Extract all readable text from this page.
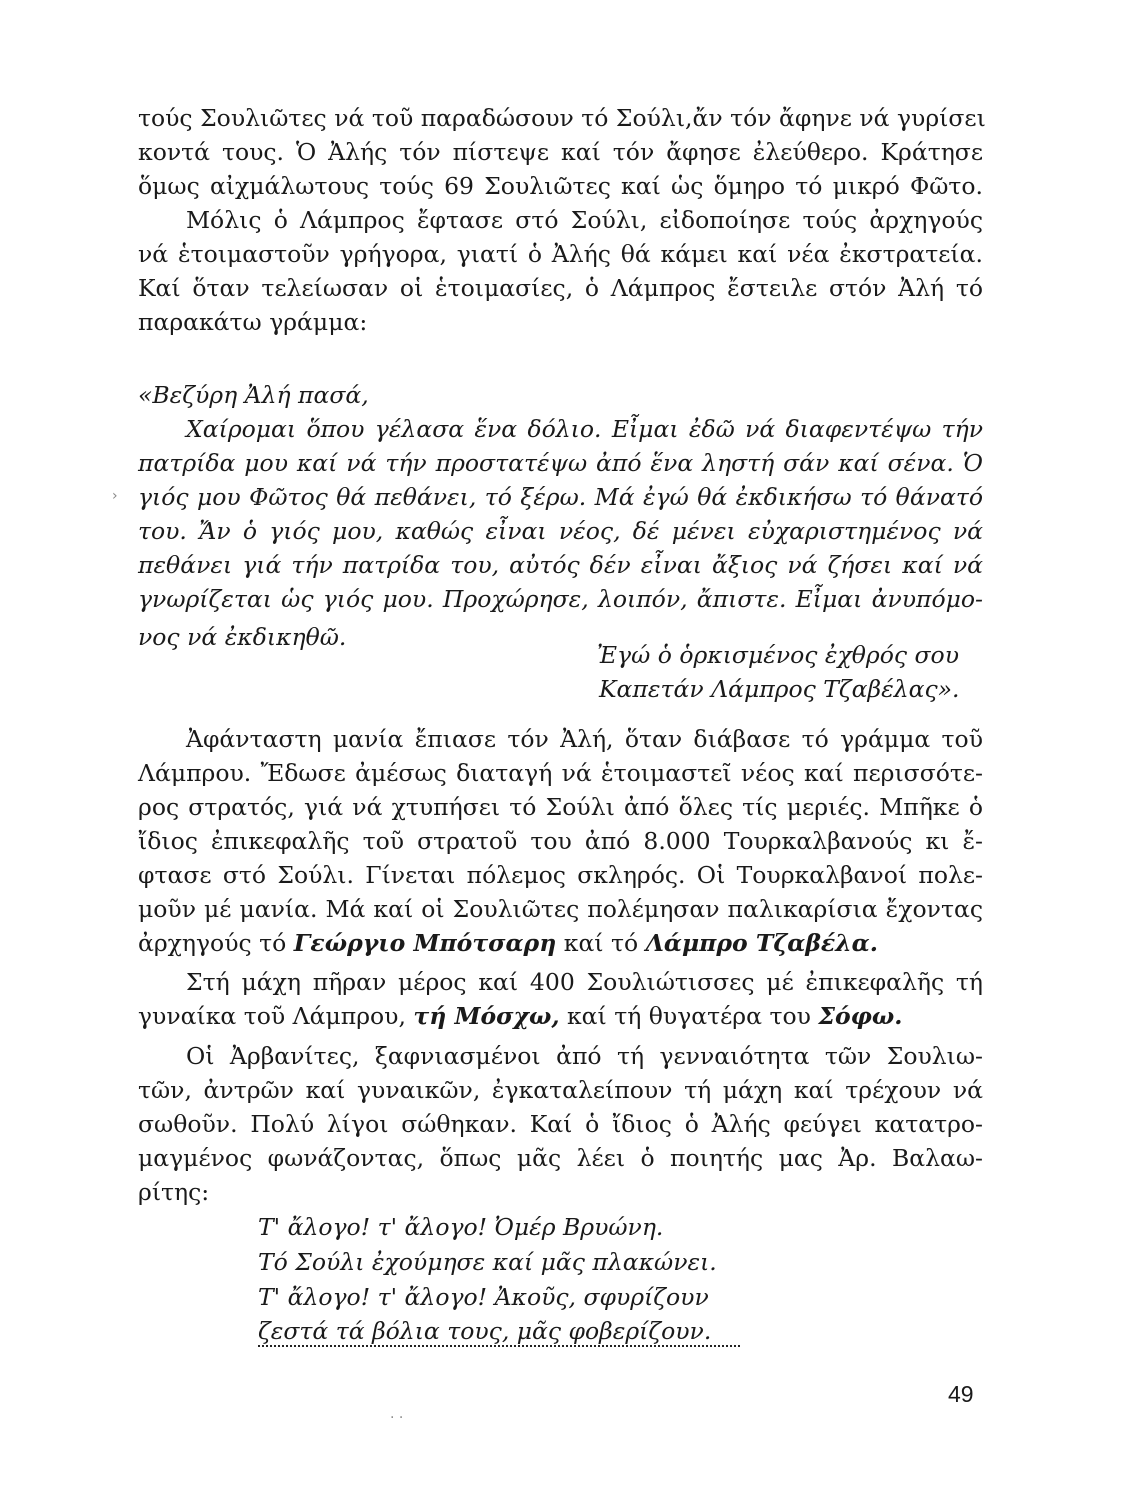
τούς Σουλιῶτες νά τοῦ παραδώσουν τό Σούλι,ἄν τόν ἄφηνε νά γυρίσει
κοντά τους. Ὁ Ἀλής τόν πίστεψε καί τόν ἄφησε ἐλεύθερο. Κράτησε
ὅμως αἰχμάλωτους τούς 69 Σουλιῶτες καί ὡς ὅμηρο τό μικρό Φῶτο.
Μόλις ὁ Λάμπρος ἔφτασε στό Σούλι, εἰδοποίησε τούς ἀρχηγούς
νά ἑτοιμαστοῦν γρήγορα, γιατί ὁ Ἀλής θά κάμει καί νέα ἐκστρατεία.
Καί ὅταν τελείωσαν οἱ ἑτοιμασίες, ὁ Λάμπρος ἔστειλε στόν Ἀλή τό
παρακάτω γράμμα:
«Βεζύρη Ἀλή πασά,
Χαίρομαι ὅπου γέλασα ἕνα δόλιο. Εἶμαι ἐδῶ νά διαφεντέψω τήν
πατρίδα μου καί νά τήν προστατέψω ἀπό ἕνα ληστή σάν καί σένα. Ὁ
γιός μου Φῶτος θά πεθάνει, τό ξέρω. Μά ἐγώ θά ἐκδικήσω τό θάνατό
του. Ἄν ὁ γιός μου, καθώς εἶναι νέος, δέ μένει εὐχαριστημένος νά
πεθάνει γιά τήν πατρίδα του, αὐτός δέν εἶναι ἄξιος νά ζήσει καί νά
γνωρίζεται ὡς γιός μου. Προχώρησε, λοιπόν, ἄπιστε. Εἶμαι ἀνυπόμο-
νος νά ἐκδικηθῶ.
Ἐγώ ὁ ὁρκισμένος ἐχθρός σου
Καπετάν Λάμπρος Τζαβέλας».
Ἀφάνταστη μανία ἔπιασε τόν Ἀλή, ὅταν διάβασε τό γράμμα τοῦ
Λάμπρου. Ἔδωσε ἀμέσως διαταγή νά ἑτοιμαστεῖ νέος καί περισσότε-
ρος στρατός, γιά νά χτυπήσει τό Σούλι ἀπό ὅλες τίς μεριές. Μπῆκε ὁ
ἴδιος ἐπικεφαλῆς τοῦ στρατοῦ του ἀπό 8.000 Τουρκαλβανούς κι ἔ-
φτασε στό Σούλι. Γίνεται πόλεμος σκληρός. Οἱ Τουρκαλβανοί πολε-
μοῦν μέ μανία. Μά καί οἱ Σουλιῶτες πολέμησαν παλικαρίσια ἔχοντας
ἀρχηγούς τό Γεώργιο Μπότσαρη καί τό Λάμπρο Τζαβέλα.
Στή μάχη πῆραν μέρος καί 400 Σουλιώτισσες μέ ἐπικεφαλῆς τή
γυναίκα τοῦ Λάμπρου, τή Μόσχω, καί τή θυγατέρα του Σόφω.
Οἱ Ἀρβανίτες, ξαφνιασμένοι ἀπό τή γενναιότητα τῶν Σουλιω-
τῶν, ἀντρῶν καί γυναικῶν, ἐγκαταλείπουν τή μάχη καί τρέχουν νά
σωθοῦν. Πολύ λίγοι σώθηκαν. Καί ὁ ἴδιος ὁ Ἀλής φεύγει κατατρο-
μαγμένος φωνάζοντας, ὅπως μᾶς λέει ὁ ποιητής μας Ἀρ. Βαλαω-
ρίτης:
Τ' ἄλογο! τ' ἄλογο! Ὀμέρ Βρυώνη.
Τό Σούλι ἐχούμησε καί μᾶς πλακώνει.
Τ' ἄλογο! τ' ἄλογο! Ἀκοῦς, σφυρίζουν
ζεστά τά βόλια τους, μᾶς φοβερίζουν.
49
›
· ·
